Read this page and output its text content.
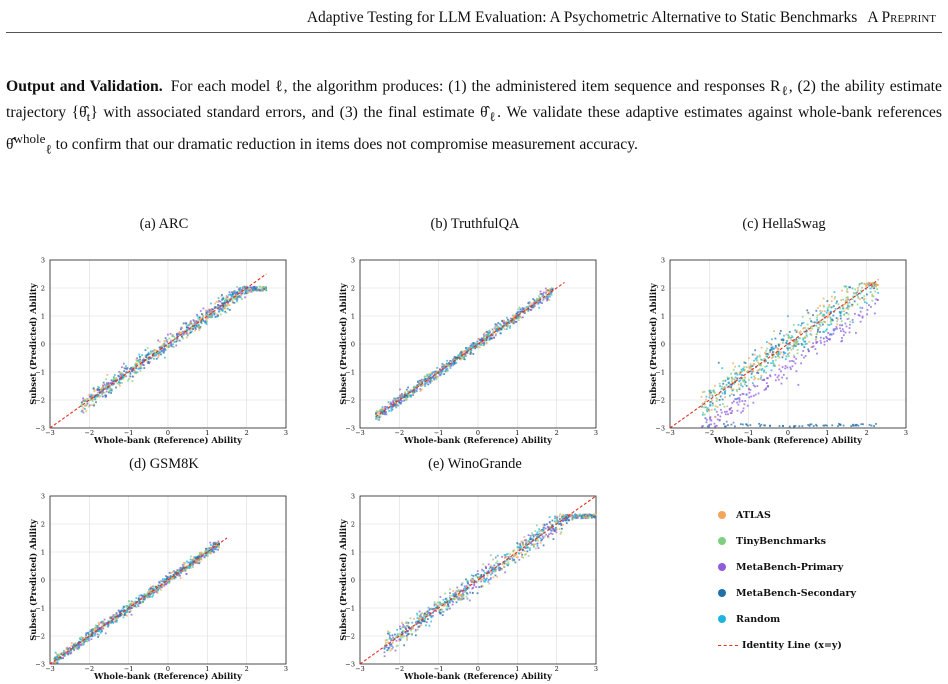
Adaptive Testing for LLM Evaluation: A Psychometric Alternative to Static Benchmarks A Preprint
Output and Validation. For each model ℓ, the algorithm produces: (1) the administered item sequence and responses $R_\ell$, (2) the ability estimate trajectory $\{\thetâ_t\}$ with associated standard errors, and (3) the final estimate $\thetâ_\ell$. We validate these adaptive estimates against whole-bank references θ̂$^{whole}_\ell$ to confirm that our dramatic reduction in items does not compromise measurement accuracy.
(a) ARC	(b) TruthfulQA	(c) HellaSwag
(d) GSM8K	(e) WinoGrande
−3
−3
−2
−2
−1
−1
0
0
1
1
2
2
3
3
Whole-bank (Reference) Ability
Subset (Predicted) Ability
−3
−3
−2
−2
−1
−1
0
0
1
1
2
2
3
3
Whole-bank (Reference) Ability
Subset (Predicted) Ability
−3
−3
−2
−2
−1
−1
0
0
1
1
2
2
3
3
Whole-bank (Reference) Ability
Subset (Predicted) Ability
−3
−3
−2
−2
−1
−1
0
0
1
1
2
2
3
3
Whole-bank (Reference) Ability
Subset (Predicted) Ability
−3
−3
−2
−2
−1
−1
0
0
1
1
2
2
3
3
Whole-bank (Reference) Ability
Subset (Predicted) Ability
ATLAS
TinyBenchmarks
MetaBench-Primary
MetaBench-Secondary
Random
Identity Line (x=y)
